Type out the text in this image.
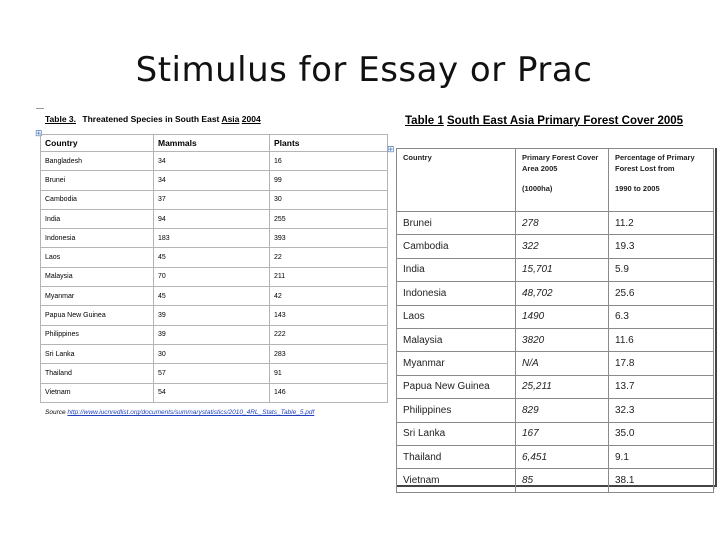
Stimulus for Essay or Prac
Table 3. Threatened Species in South East Asia 2004
⊞
Country	Mammals	Plants
Bangladesh	34	16
Brunei	34	99
Cambodia	37	30
India	94	255
Indonesia	183	393
Laos	45	22
Malaysia	70	211
Myanmar	45	42
Papua New Guinea	39	143
Philippines	39	222
Sri Lanka	30	283
Thailand	57	91
Vietnam	54	146
Source http://www.iucnredlist.org/documents/summarystatistics/2010_4RL_Stats_Table_5.pdf
Table 1 South East Asia Primary Forest Cover 2005
⊞
Country	Primary Forest Cover
Area 2005
(1000ha)	Percentage of Primary
Forest Lost from
1990 to 2005

Brunei	278	11.2
Cambodia	322	19.3
India	15,701	5.9
Indonesia	48,702	25.6
Laos	1490	6.3
Malaysia	3820	11.6
Myanmar	N/A	17.8
Papua New Guinea	25,211	13.7
Philippines	829	32.3
Sri Lanka	167	35.0
Thailand	6,451	9.1
Vietnam	85	38.1
▫
